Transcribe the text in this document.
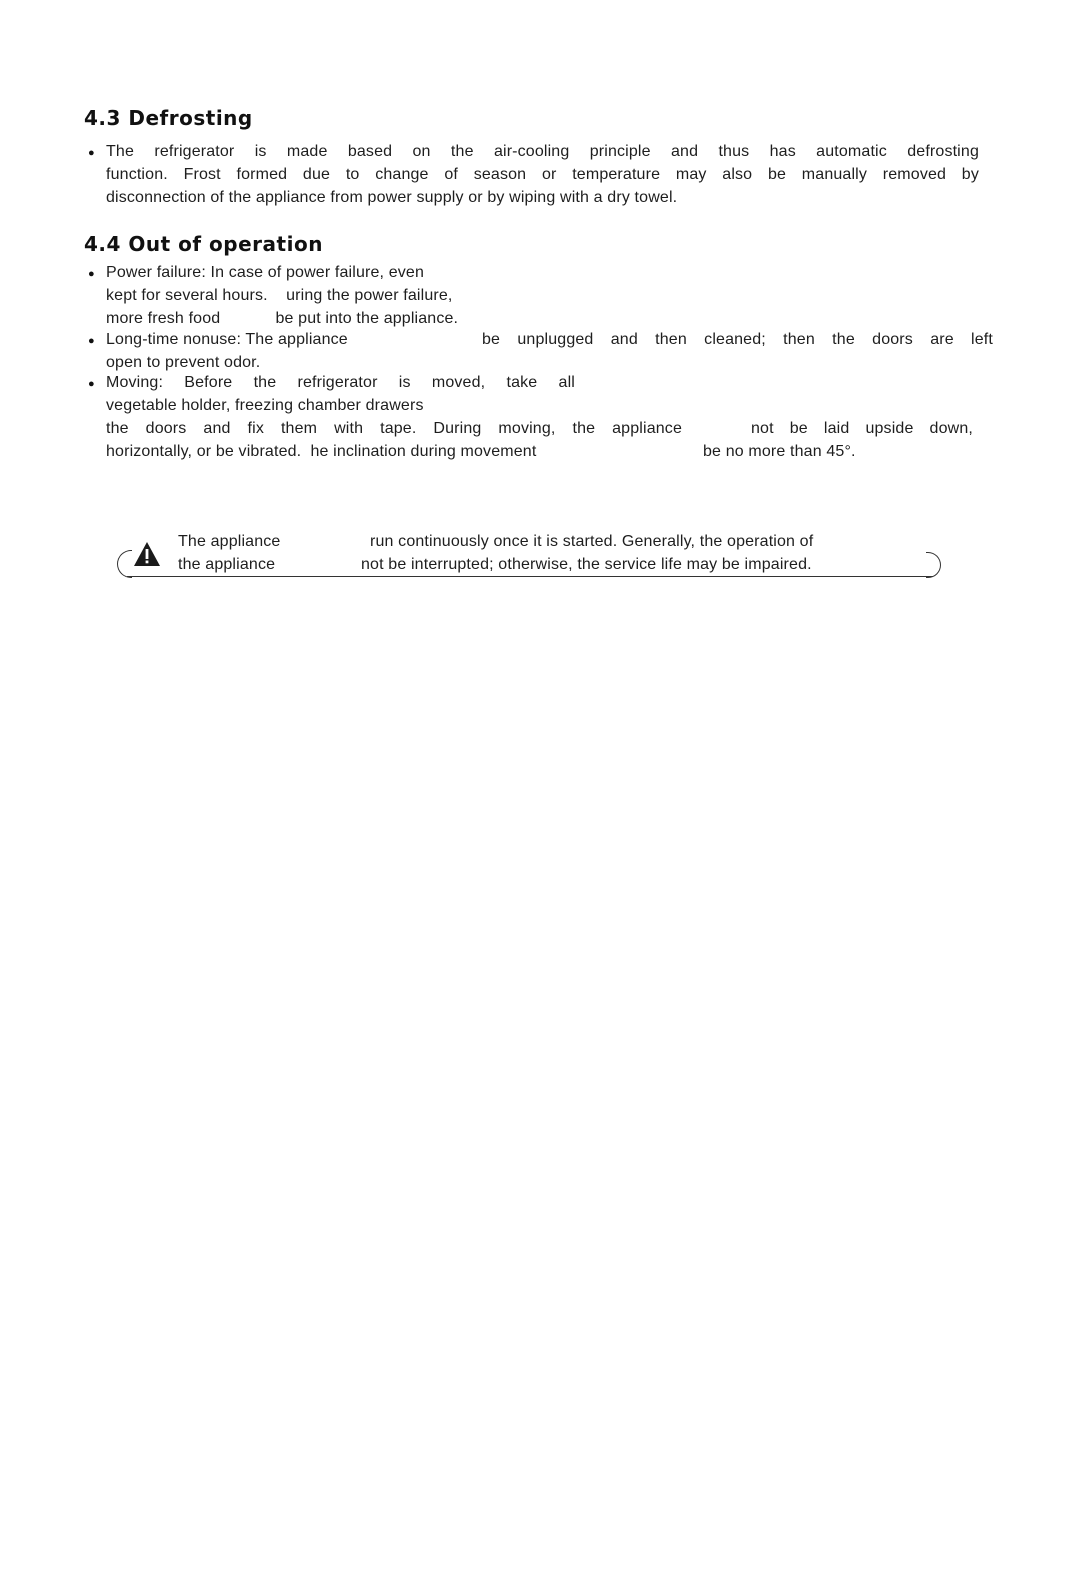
4.3 Defrosting
● The refrigerator is made based on the air-cooling principle and thus has automatic defrosting
function. Frost formed due to change of season or temperature may also be manually removed by
disconnection of the appliance from power supply or by wiping with a dry towel.
4.4 Out of operation
● Power failure: In case of power failure, even
kept for several hours.    uring the power failure,
more fresh food            be put into the appliance.
● Long-time nonuse: The appliance	be unplugged and then cleaned; then the doors are left
open to prevent odor.
● Moving: Before the refrigerator is moved, take all
vegetable holder, freezing chamber drawers
the doors and fix them with tape. During moving, the appliance	not be laid upside down,
horizontally, or be vibrated.  he inclination during movement	be no more than 45°.
The appliance	run continuously once it is started. Generally, the operation of
the appliance	not be interrupted; otherwise, the service life may be impaired.
